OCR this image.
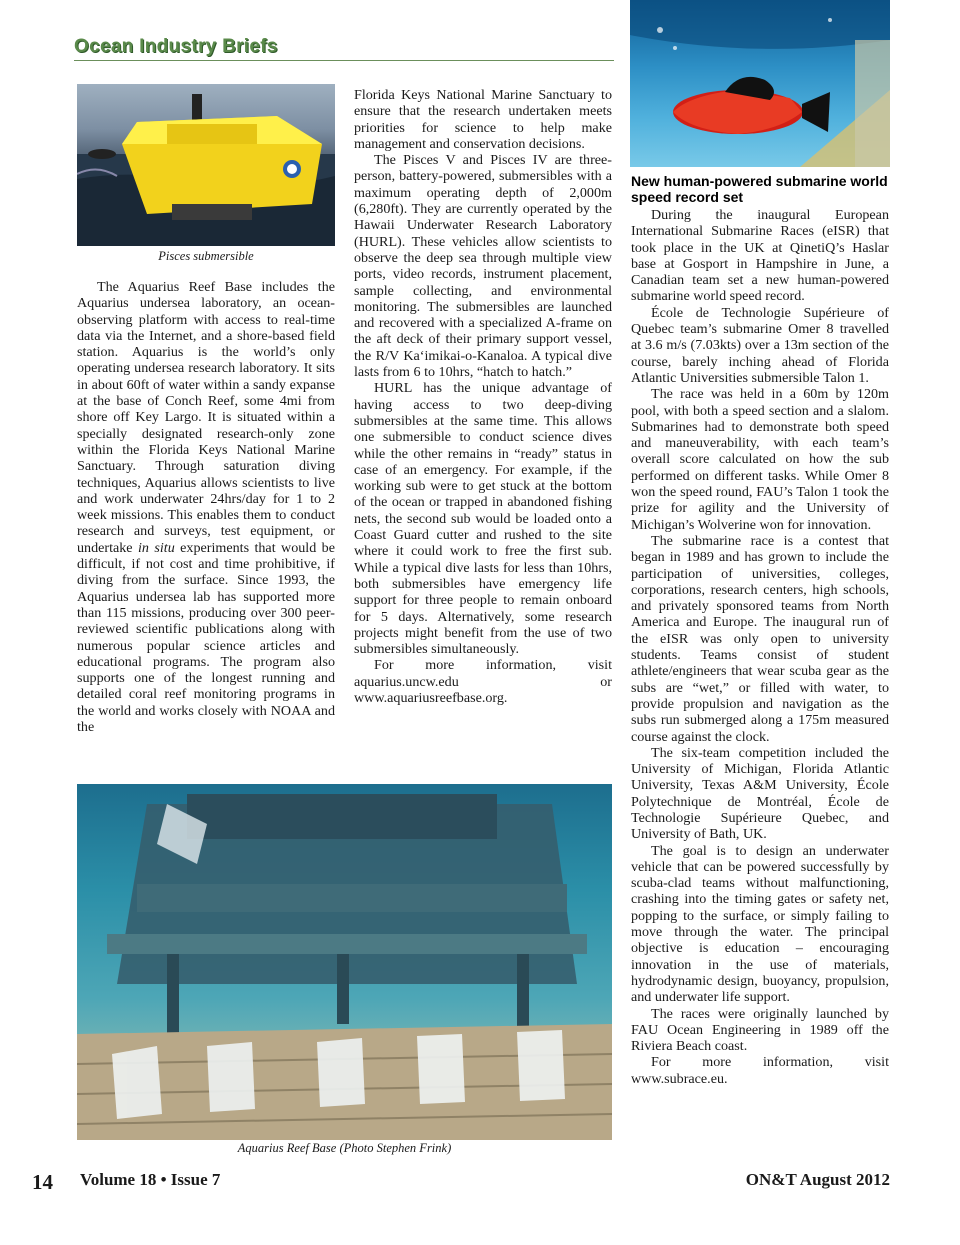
Ocean Industry Briefs
Pisces submersible
Aquarius Reef Base (Photo Stephen Frink)

The Aquarius Reef Base includes the Aquarius undersea laboratory, an ocean-observing platform with access to real-time data via the Internet, and a shore-based field station. Aquarius is the world’s only operating undersea research laboratory. It sits in about 60ft of water within a sandy expanse at the base of Conch Reef, some 4mi from shore off Key Largo. It is situated within a specially designated research-only zone within the Florida Keys National Marine Sanctuary. Through saturation diving techniques, Aquarius allows scientists to live and work underwater 24hrs/day for 1 to 2 week missions. This enables them to conduct research and surveys, test equipment, or undertake in situ experiments that would be difficult, if not cost and time prohibitive, if diving from the surface. Since 1993, the Aquarius undersea lab has supported more than 115 missions, producing over 300 peer-reviewed scientific publications along with numerous popular science articles and educational programs. The program also supports one of the longest running and detailed coral reef monitoring programs in the world and works closely with NOAA and the

Florida Keys National Marine Sanctuary to ensure that the research undertaken meets priorities for science to help make management and conservation decisions.

The Pisces V and Pisces IV are three-person, battery-powered, submersibles with a maximum operating depth of 2,000m (6,280ft). They are currently operated by the Hawaii Underwater Research Laboratory (HURL). These vehicles allow scientists to observe the deep sea through multiple view ports, video records, instrument placement, sample collecting, and environmental monitoring. The submersibles are launched and recovered with a specialized A-frame on the aft deck of their primary support vessel, the R/V Ka‘imikai-o-Kanaloa. A typical dive lasts from 6 to 10hrs, “hatch to hatch.”

HURL has the unique advantage of having access to two deep-diving submersibles at the same time. This allows one submersible to conduct science dives while the other remains in “ready” status in case of an emergency. For example, if the working sub were to get stuck at the bottom of the ocean or trapped in abandoned fishing nets, the second sub would be loaded onto a Coast Guard cutter and rushed to the site where it could work to free the first sub. While a typical dive lasts for less than 10hrs, both submersibles have emergency life support for three people to remain onboard for 5 days. Alternatively, some research projects might benefit from the use of two submersibles simultaneously.

For more information, visit aquarius.uncw.edu or www.aquariusreefbase.org.

New human-powered submarine world speed record set

During the inaugural European International Submarine Races (eISR) that took place in the UK at QinetiQ’s Haslar base at Gosport in Hampshire in June, a Canadian team set a new human-powered submarine world speed record.

École de Technologie Supérieure of Quebec team’s submarine Omer 8 travelled at 3.6 m/s (7.03kts) over a 13m section of the course, barely inching ahead of Florida Atlantic Universities submersible Talon 1.

The race was held in a 60m by 120m pool, with both a speed section and a slalom. Submarines had to demonstrate both speed and maneuverability, with each team’s overall score calculated on how the sub performed on different tasks. While Omer 8 won the speed round, FAU’s Talon 1 took the prize for agility and the University of Michigan’s Wolverine won for innovation.

The submarine race is a contest that began in 1989 and has grown to include the participation of universities, colleges, corporations, research centers, high schools, and privately sponsored teams from North America and Europe. The inaugural run of the eISR was only open to university students. Teams consist of student athlete/engineers that wear scuba gear as the subs are “wet,” or filled with water, to provide propulsion and navigation as the subs run submerged along a 175m measured course against the clock.

The six-team competition included the University of Michigan, Florida Atlantic University, Texas A&M University, École Polytechnique de Montréal, École de Technologie Supérieure Quebec, and University of Bath, UK.

The goal is to design an underwater vehicle that can be powered successfully by scuba-clad teams without malfunctioning, crashing into the timing gates or safety net, popping to the surface, or simply failing to move through the water. The principal objective is education – encouraging innovation in the use of materials, hydrodynamic design, buoyancy, propulsion, and underwater life support.

The races were originally launched by FAU Ocean Engineering in 1989 off the Riviera Beach coast.

For more information, visit www.subrace.eu.

14 Volume 18 • Issue 7	ON&T August 2012
